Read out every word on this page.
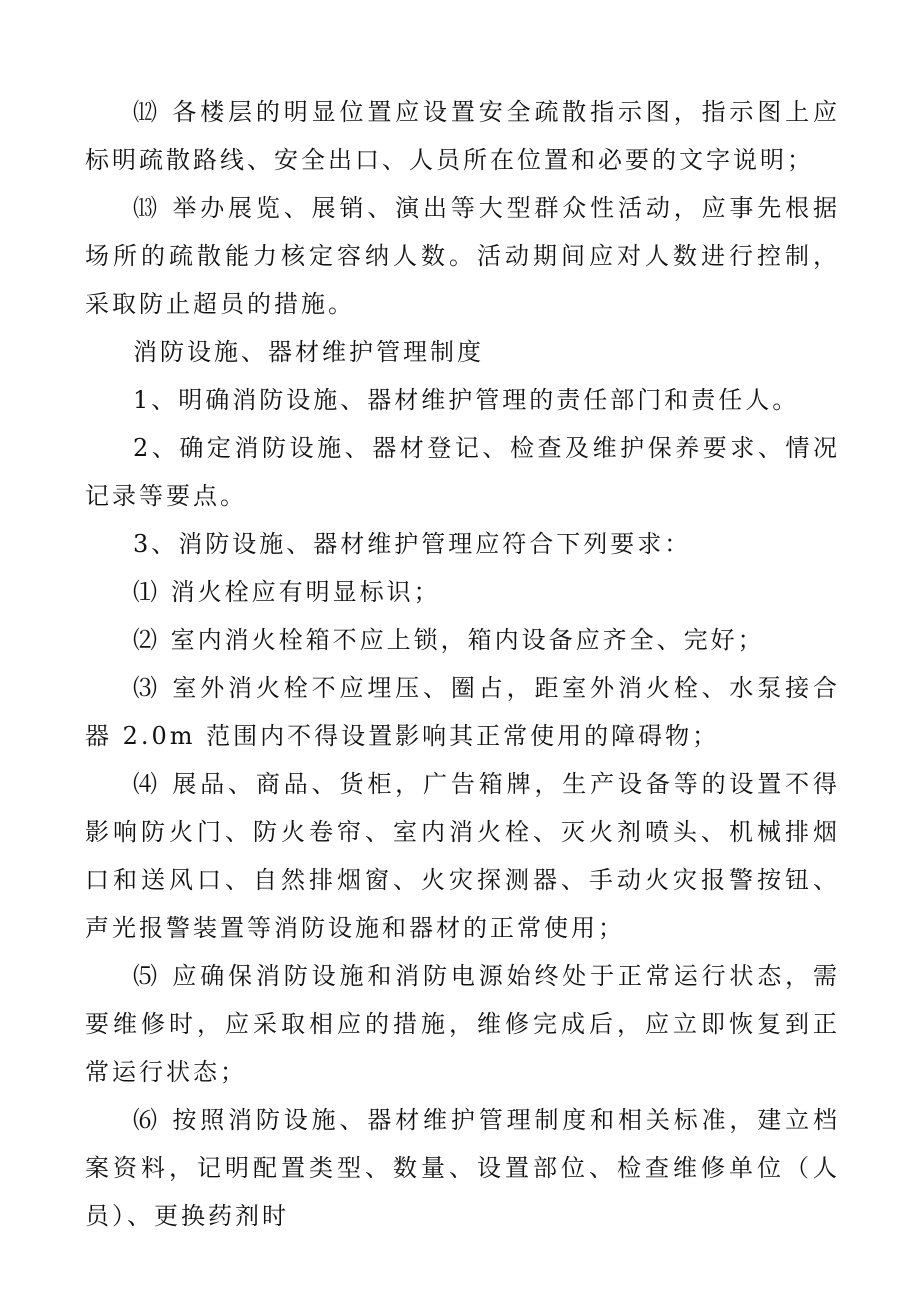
⑿ 各楼层的明显位置应设置安全疏散指示图，指示图上应标明疏散路线、安全出口、人员所在位置和必要的文字说明；

⒀ 举办展览、展销、演出等大型群众性活动，应事先根据场所的疏散能力核定容纳人数。活动期间应对人数进行控制，采取防止超员的措施。

消防设施、器材维护管理制度

1、明确消防设施、器材维护管理的责任部门和责任人。

2、确定消防设施、器材登记、检查及维护保养要求、情况记录等要点。

3、消防设施、器材维护管理应符合下列要求：

⑴ 消火栓应有明显标识；

⑵ 室内消火栓箱不应上锁，箱内设备应齐全、完好；

⑶ 室外消火栓不应埋压、圈占，距室外消火栓、水泵接合器 2.0m 范围内不得设置影响其正常使用的障碍物；

⑷ 展品、商品、货柜，广告箱牌，生产设备等的设置不得影响防火门、防火卷帘、室内消火栓、灭火剂喷头、机械排烟口和送风口、自然排烟窗、火灾探测器、手动火灾报警按钮、声光报警装置等消防设施和器材的正常使用；

⑸ 应确保消防设施和消防电源始终处于正常运行状态，需要维修时，应采取相应的措施，维修完成后，应立即恢复到正常运行状态；

⑹ 按照消防设施、器材维护管理制度和相关标准，建立档案资料，记明配置类型、数量、设置部位、检查维修单位（人员）、更换药剂时
